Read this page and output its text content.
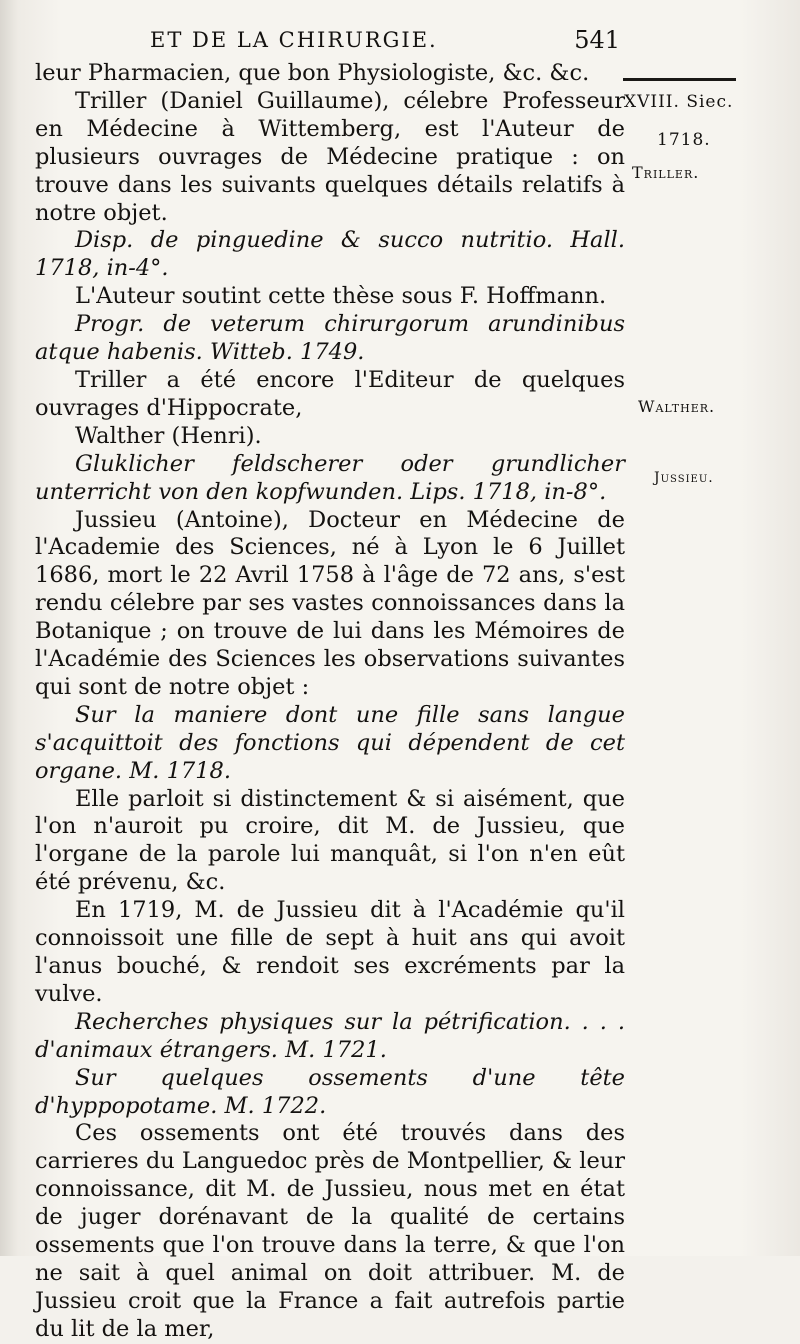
ET DE LA CHIRURGIE.	541
XVIII. Siec.
1718.
Triller.
Walther.
Jussieu.

leur Pharmacien, que bon Physiologiste, &c. &c.

Triller (Daniel Guillaume), célebre Professeur en Médecine à Wittemberg, est l'Auteur de plusieurs ouvrages de Médecine pratique : on trouve dans les suivants quelques détails relatifs à notre objet.

Disp. de pinguedine & succo nutritio. Hall. 1718, in-4°.

L'Auteur soutint cette thèse sous F. Hoffmann.

Progr. de veterum chirurgorum arundinibus atque habenis. Witteb. 1749.

Triller a été encore l'Editeur de quelques ouvrages d'Hippocrate,

Walther (Henri).

Gluklicher feldscherer oder grundlicher unterricht von den kopfwunden. Lips. 1718, in-8°.

Jussieu (Antoine), Docteur en Médecine de l'Academie des Sciences, né à Lyon le 6 Juillet 1686, mort le 22 Avril 1758 à l'âge de 72 ans, s'est rendu célebre par ses vastes connoissances dans la Botanique ; on trouve de lui dans les Mémoires de l'Académie des Sciences les observations suivantes qui sont de notre objet :

Sur la maniere dont une fille sans langue s'acquittoit des fonctions qui dépendent de cet organe. M. 1718.

Elle parloit si distinctement & si aisément, que l'on n'auroit pu croire, dit M. de Jussieu, que l'organe de la parole lui manquât, si l'on n'en eût été prévenu, &c.

En 1719, M. de Jussieu dit à l'Académie qu'il connoissoit une fille de sept à huit ans qui avoit l'anus bouché, & rendoit ses excréments par la vulve.

Recherches physiques sur la pétrification. . . . d'animaux étrangers. M. 1721.

Sur quelques ossements d'une tête d'hyppopotame. M. 1722.

Ces ossements ont été trouvés dans des carrieres du Languedoc près de Montpellier, & leur connoissance, dit M. de Jussieu, nous met en état de juger dorénavant de la qualité de certains ossements que l'on trouve dans la terre, & que l'on ne sait à quel animal on doit attribuer. M. de Jussieu croit que la France a fait autrefois partie du lit de la mer,
